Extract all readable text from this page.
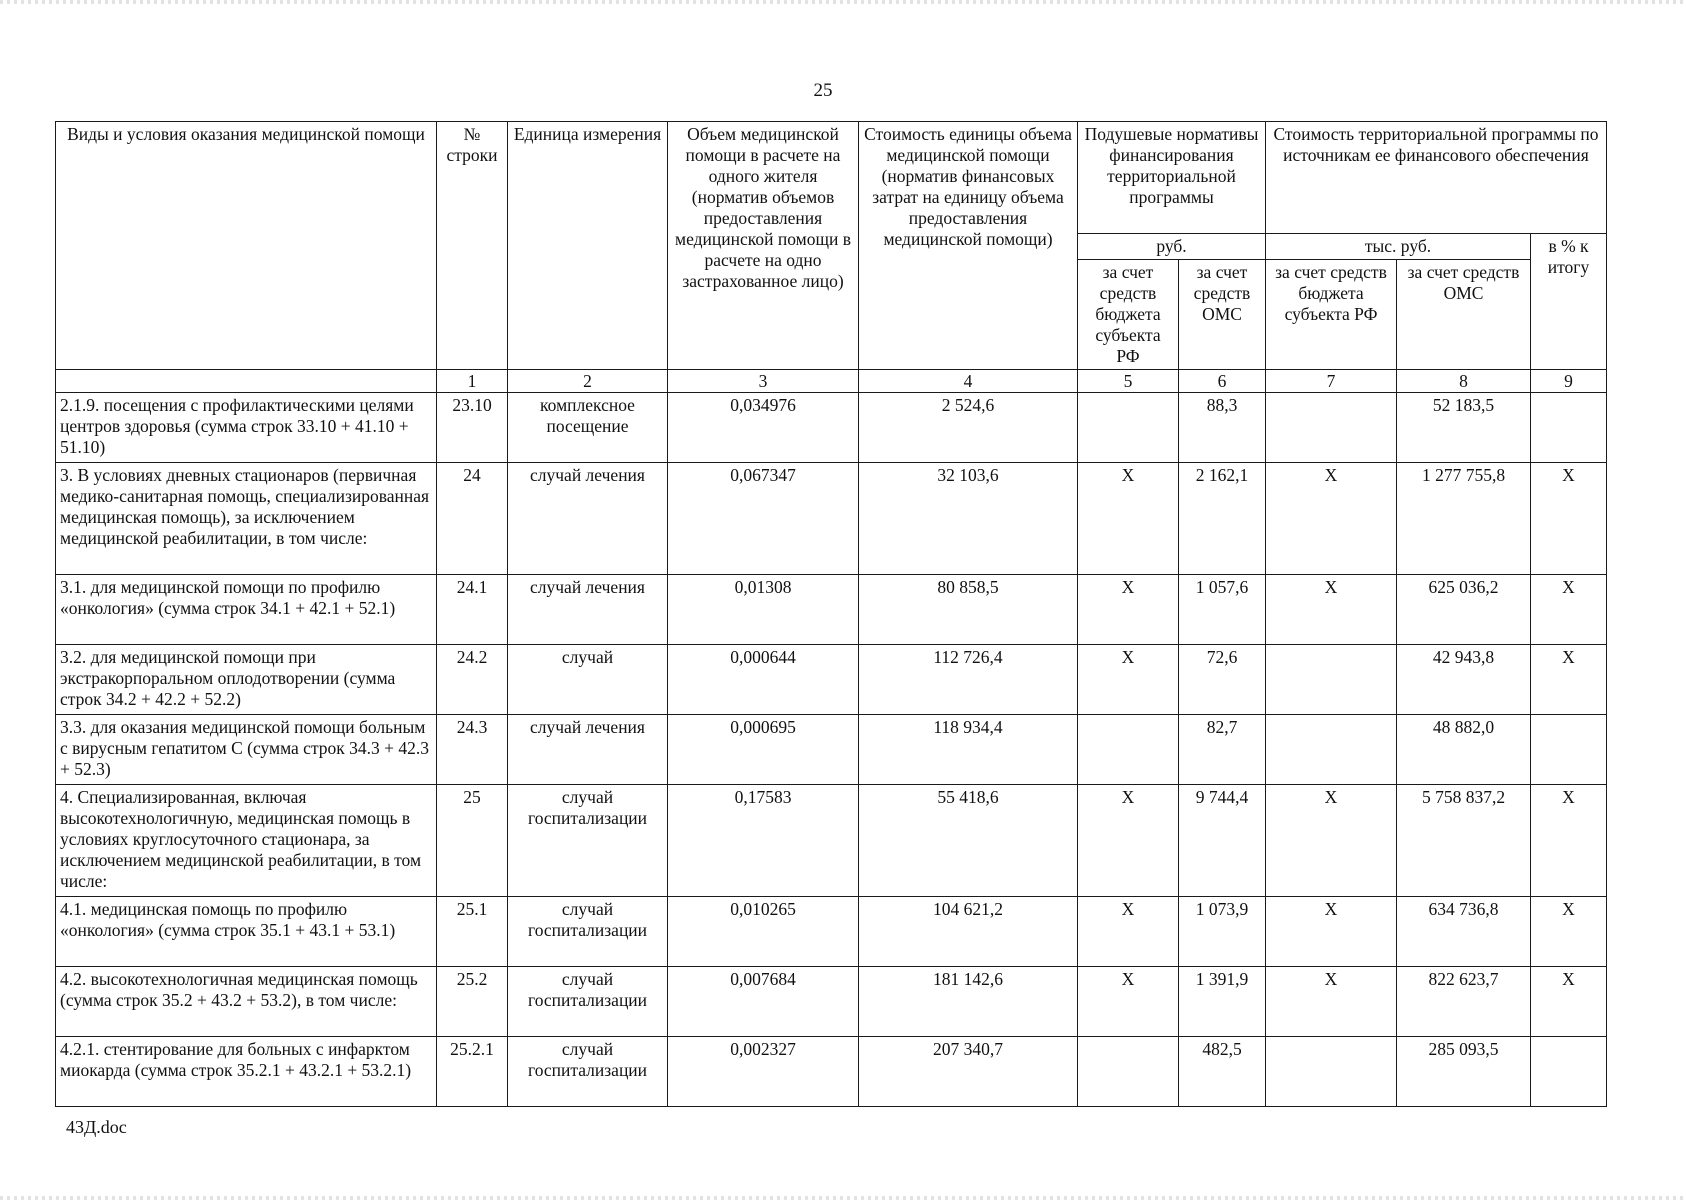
25
Виды и условия оказания медицинской помощи	№ строки	Единица измерения	Объем медицинской помощи в расчете на одного жителя (норматив объемов предоставления медицинской помощи в расчете на одно застрахованное лицо)	Стоимость единицы объема медицинской помощи (норматив финансовых затрат на единицу объема предоставления медицинской помощи)	Подушевые нормативы финансирования территориальной программы		Стоимость территориальной программы по источникам ее финансового обеспечения		
					руб.		тыс. руб.		в % к итогу
					за счет средств бюджета субъекта РФ	за счет средств ОМС	за счет средств бюджета субъекта РФ	за счет средств ОМС	
	1	2	3	4	5	6	7	8	9
2.1.9. посещения с профилактическими целями центров здоровья (сумма строк 33.10 + 41.10 + 51.10)	23.10	комплексное посещение	0,034976	2 524,6		88,3		52 183,5	
3. В условиях дневных стационаров (первичная медико-санитарная помощь, специализированная медицинская помощь), за исключением медицинской реабилитации, в том числе:	24	случай лечения	0,067347	32 103,6	Х	2 162,1	Х	1 277 755,8	Х
3.1. для медицинской помощи по профилю «онкология» (сумма строк 34.1 + 42.1 + 52.1)	24.1	случай лечения	0,01308	80 858,5	Х	1 057,6	Х	625 036,2	Х
3.2. для медицинской помощи при экстракорпоральном оплодотворении (сумма строк 34.2 + 42.2 + 52.2)	24.2	случай	0,000644	112 726,4	Х	72,6		42 943,8	Х
3.3. для оказания медицинской помощи больным с вирусным гепатитом С (сумма строк 34.3 + 42.3 + 52.3)	24.3	случай лечения	0,000695	118 934,4		82,7		48 882,0	
4. Специализированная, включая высокотехнологичную, медицинская помощь в условиях круглосуточного стационара, за исключением медицинской реабилитации, в том числе:	25	случай госпитализации	0,17583	55 418,6	Х	9 744,4	Х	5 758 837,2	Х
4.1. медицинская помощь по профилю «онкология» (сумма строк 35.1 + 43.1 + 53.1)	25.1	случай госпитализации	0,010265	104 621,2	Х	1 073,9	Х	634 736,8	Х
4.2. высокотехнологичная медицинская помощь (сумма строк 35.2 + 43.2 + 53.2), в том числе:	25.2	случай госпитализации	0,007684	181 142,6	Х	1 391,9	Х	822 623,7	Х
4.2.1. стентирование для больных с инфарктом миокарда (сумма строк 35.2.1 + 43.2.1 + 53.2.1)	25.2.1	случай госпитализации	0,002327	207 340,7		482,5		285 093,5	
43Д.doc
